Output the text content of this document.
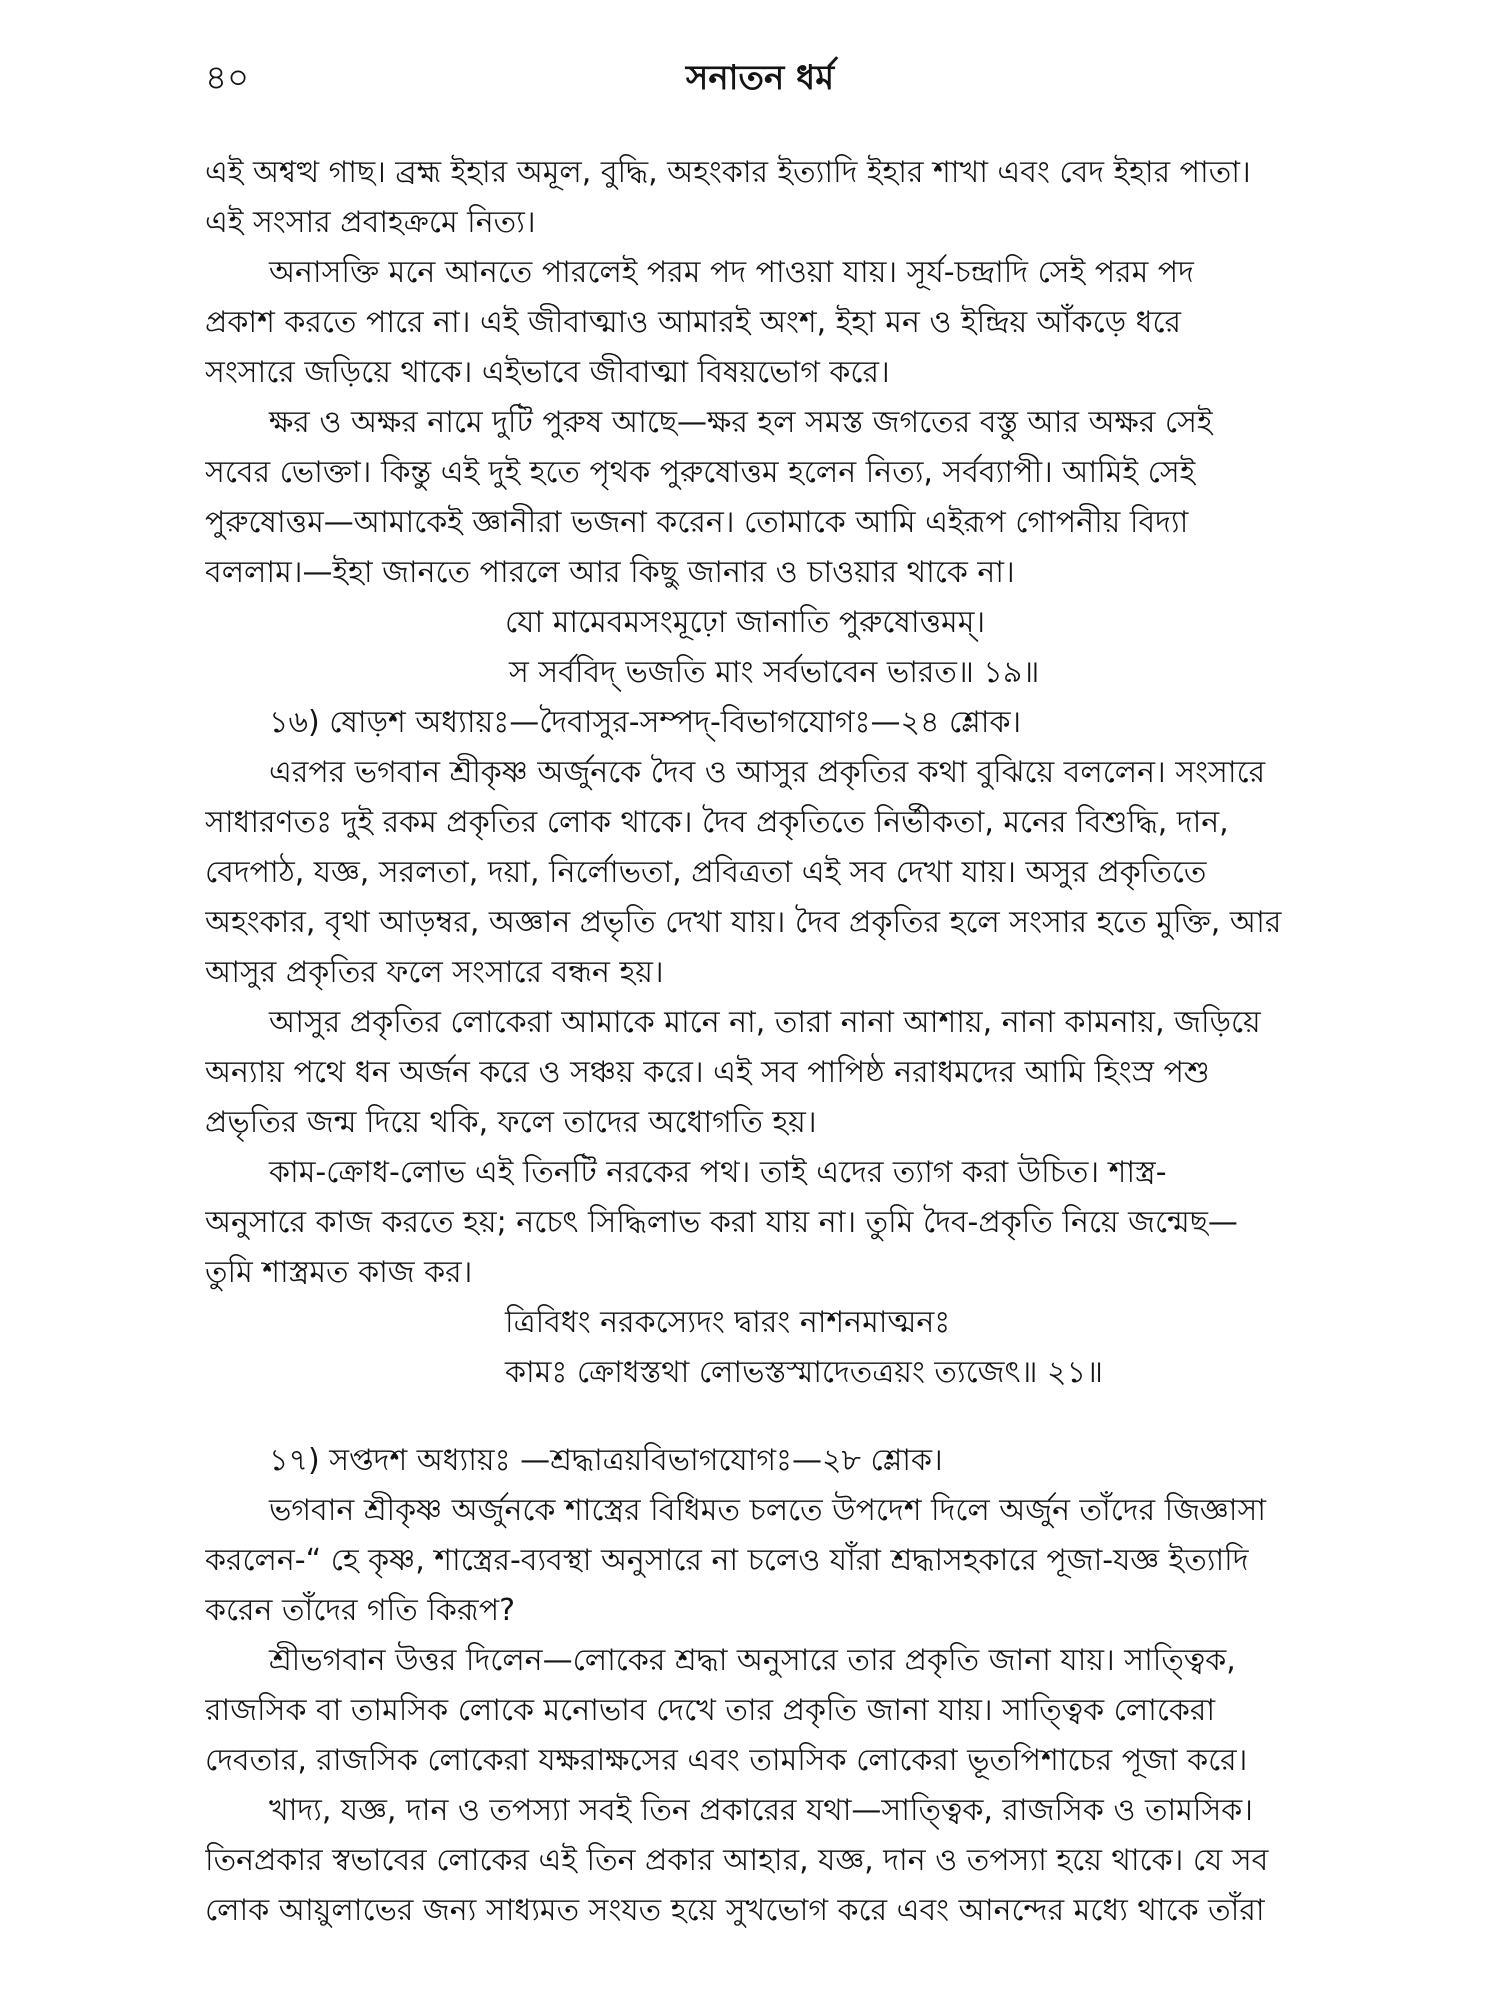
৪০	সনাতন ধর্ম
এই অশ্বত্থ গাছ। ব্রহ্ম ইহার অমূল, বুদ্ধি, অহংকার ইত্যাদি ইহার শাখা এবং বেদ ইহার পাতা।
এই সংসার প্রবাহক্রমে নিত্য।
অনাসক্তি মনে আনতে পারলেই পরম পদ পাওয়া যায়। সূর্য-চন্দ্রাদি সেই পরম পদ
প্রকাশ করতে পারে না। এই জীবাত্মাও আমারই অংশ, ইহা মন ও ইন্দ্রিয় আঁকড়ে ধরে
সংসারে জড়িয়ে থাকে। এইভাবে জীবাত্মা বিষয়ভোগ করে।
ক্ষর ও অক্ষর নামে দুটি পুরুষ আছে—ক্ষর হল সমস্ত জগতের বস্তু আর অক্ষর সেই
সবের ভোক্তা। কিন্তু এই দুই হতে পৃথক পুরুষোত্তম হলেন নিত্য, সর্বব্যাপী। আমিই সেই
পুরুষোত্তম—আমাকেই জ্ঞানীরা ভজনা করেন। তোমাকে আমি এইরূপ গোপনীয় বিদ্যা
বললাম।—ইহা জানতে পারলে আর কিছু জানার ও চাওয়ার থাকে না।
যো মামেবমসংমূঢ়ো জানাতি পুরুষোত্তমম্।
স সর্ববিদ্ ভজতি মাং সর্বভাবেন ভারত॥ ১৯॥
১৬) ষোড়শ অধ্যায়ঃ—দৈবাসুর-সম্পদ্-বিভাগযোগঃ—২৪ শ্লোক।
এরপর ভগবান শ্রীকৃষ্ণ অর্জুনকে দৈব ও আসুর প্রকৃতির কথা বুঝিয়ে বললেন। সংসারে
সাধারণতঃ দুই রকম প্রকৃতির লোক থাকে। দৈব প্রকৃতিতে নির্ভীকতা, মনের বিশুদ্ধি, দান,
বেদপাঠ, যজ্ঞ, সরলতা, দয়া, নির্লোভতা, প্রবিত্রতা এই সব দেখা যায়। অসুর প্রকৃতিতে
অহংকার, বৃথা আড়ম্বর, অজ্ঞান প্রভৃতি দেখা যায়। দৈব প্রকৃতির হলে সংসার হতে মুক্তি, আর
আসুর প্রকৃতির ফলে সংসারে বন্ধন হয়।
আসুর প্রকৃতির লোকেরা আমাকে মানে না, তারা নানা আশায়, নানা কামনায়, জড়িয়ে
অন্যায় পথে ধন অর্জন করে ও সঞ্চয় করে। এই সব পাপিষ্ঠ নরাধমদের আমি হিংস্র পশু
প্রভৃতির জন্ম দিয়ে থকি, ফলে তাদের অধোগতি হয়।
কাম-ক্রোধ-লোভ এই তিনটি নরকের পথ। তাই এদের ত্যাগ করা উচিত। শাস্ত্র-
অনুসারে কাজ করতে হয়; নচেৎ সিদ্ধিলাভ করা যায় না। তুমি দৈব-প্রকৃতি নিয়ে জন্মেছ—
তুমি শাস্ত্রমত কাজ কর।
ত্রিবিধং নরকস্যেদং দ্বারং নাশনমাত্মনঃ
কামঃ ক্রোধস্তথা লোভস্তস্মাদেতত্রয়ং ত্যজেৎ॥ ২১॥
১৭) সপ্তদশ অধ্যায়ঃ —শ্রদ্ধাত্রয়বিভাগযোগঃ—২৮ শ্লোক।
ভগবান শ্রীকৃষ্ণ অর্জুনকে শাস্ত্রের বিধিমত চলতে উপদেশ দিলে অর্জুন তাঁদের জিজ্ঞাসা
করলেন-“ হে কৃষ্ণ, শাস্ত্রের-ব্যবস্থা অনুসারে না চলেও যাঁরা শ্রদ্ধাসহকারে পূজা-যজ্ঞ ইত্যাদি
করেন তাঁদের গতি কিরূপ?
শ্রীভগবান উত্তর দিলেন—লোকের শ্রদ্ধা অনুসারে তার প্রকৃতি জানা যায়। সাত্ত্বিক,
রাজসিক বা তামসিক লোকে মনোভাব দেখে তার প্রকৃতি জানা যায়। সাত্ত্বিক লোকেরা
দেবতার, রাজসিক লোকেরা যক্ষরাক্ষসের এবং তামসিক লোকেরা ভূতপিশাচের পূজা করে।
খাদ্য, যজ্ঞ, দান ও তপস্যা সবই তিন প্রকারের যথা—সাত্ত্বিক, রাজসিক ও তামসিক।
তিনপ্রকার স্বভাবের লোকের এই তিন প্রকার আহার, যজ্ঞ, দান ও তপস্যা হয়ে থাকে। যে সব
লোক আয়ুলাভের জন্য সাধ্যমত সংযত হয়ে সুখভোগ করে এবং আনন্দের মধ্যে থাকে তাঁরা
